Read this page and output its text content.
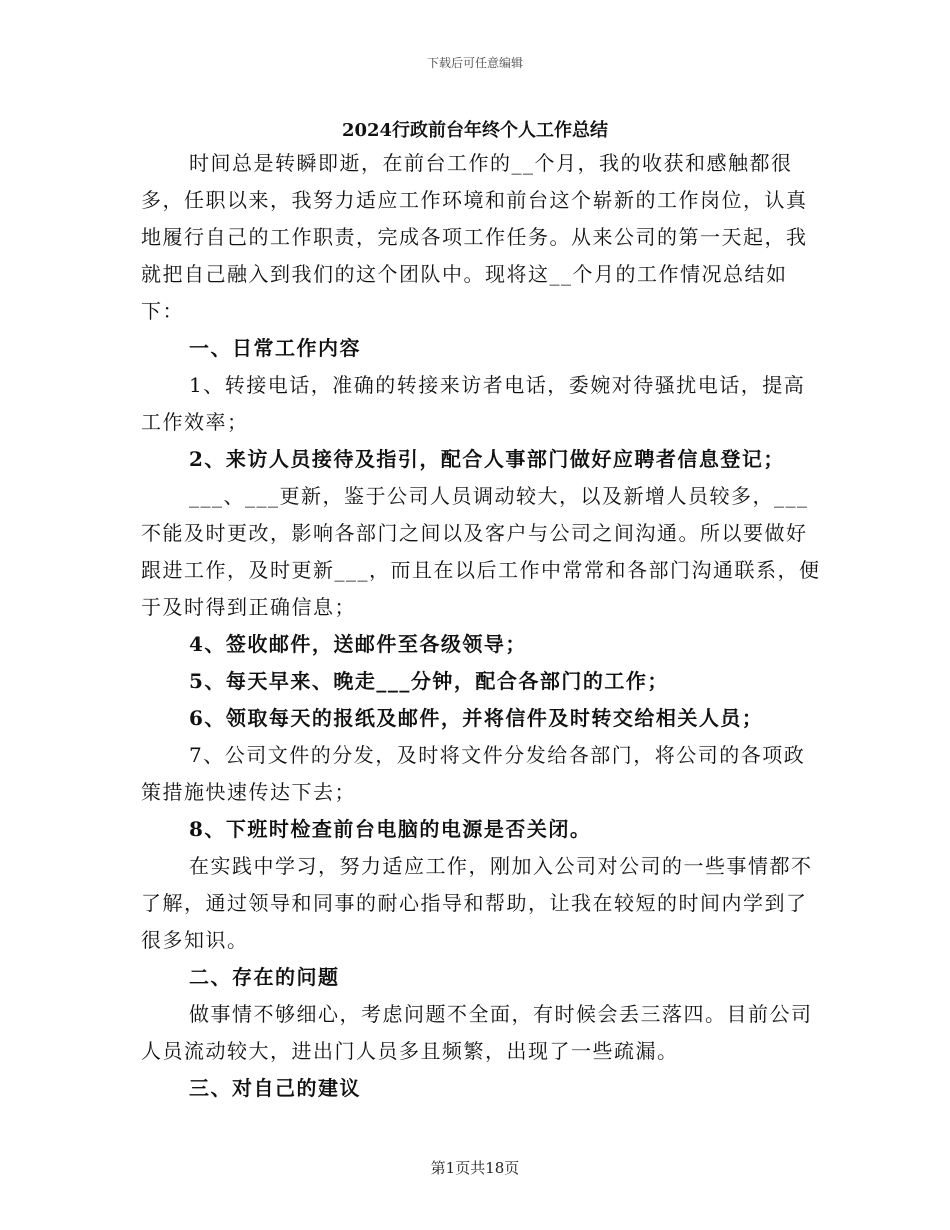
下载后可任意编辑
2024行政前台年终个人工作总结

时间总是转瞬即逝，在前台工作的__个月，我的收获和感触都很多，任职以来，我努力适应工作环境和前台这个崭新的工作岗位，认真地履行自己的工作职责，完成各项工作任务。从来公司的第一天起，我就把自己融入到我们的这个团队中。现将这__个月的工作情况总结如下：

一、日常工作内容

1、转接电话，准确的转接来访者电话，委婉对待骚扰电话，提高工作效率；

2、来访人员接待及指引，配合人事部门做好应聘者信息登记；

___、___更新，鉴于公司人员调动较大，以及新增人员较多，___不能及时更改，影响各部门之间以及客户与公司之间沟通。所以要做好跟进工作，及时更新___，而且在以后工作中常常和各部门沟通联系，便于及时得到正确信息；

4、签收邮件，送邮件至各级领导；

5、每天早来、晚走___分钟，配合各部门的工作；

6、领取每天的报纸及邮件，并将信件及时转交给相关人员；

7、公司文件的分发，及时将文件分发给各部门，将公司的各项政策措施快速传达下去；

8、下班时检查前台电脑的电源是否关闭。

在实践中学习，努力适应工作，刚加入公司对公司的一些事情都不了解，通过领导和同事的耐心指导和帮助，让我在较短的时间内学到了很多知识。

二、存在的问题

做事情不够细心，考虑问题不全面，有时候会丢三落四。目前公司人员流动较大，进出门人员多且频繁，出现了一些疏漏。

三、对自己的建议

第1页共18页
